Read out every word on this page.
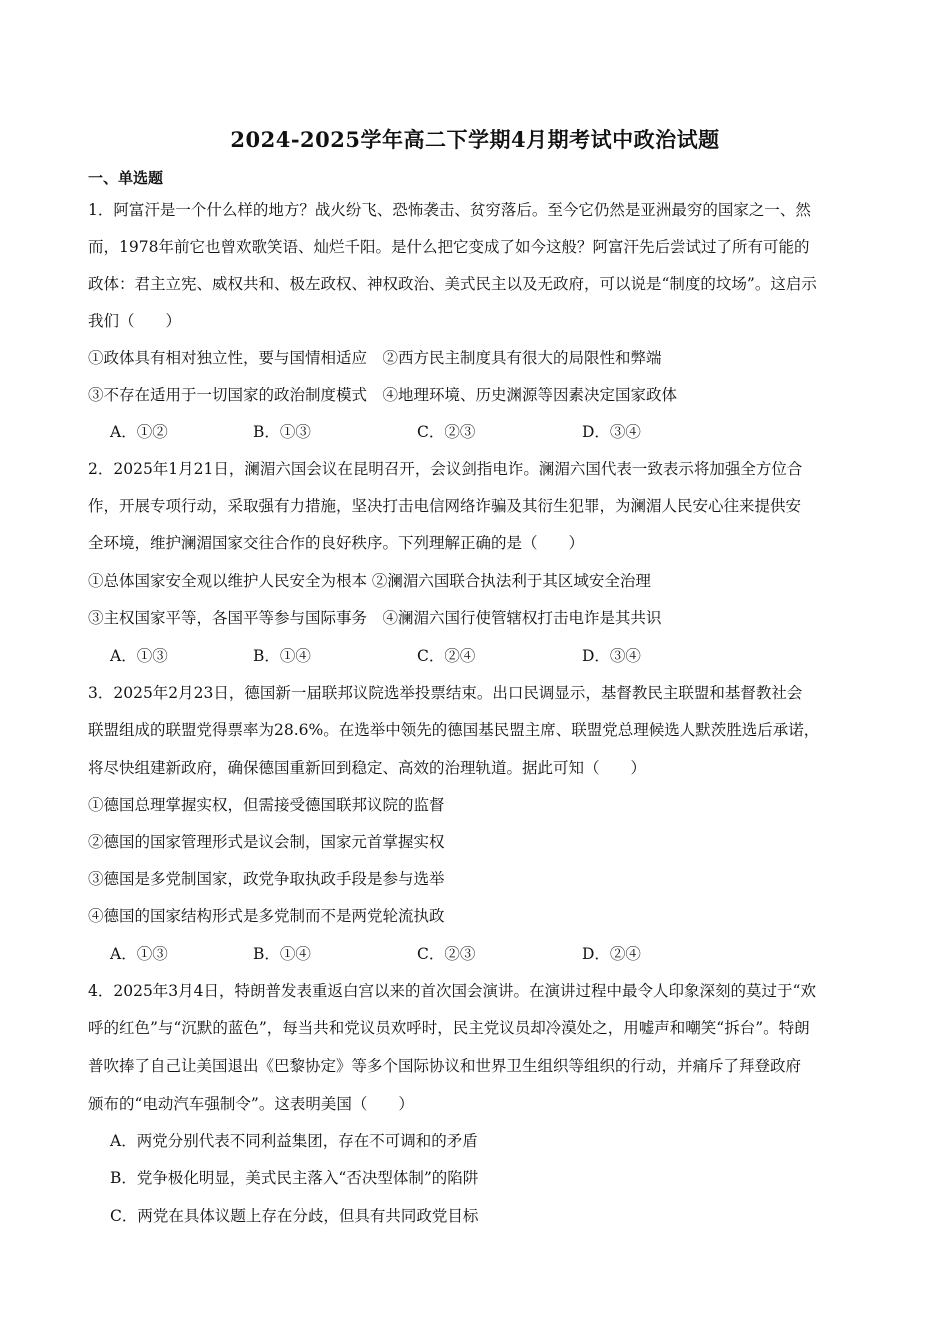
2024-2025学年高二下学期4月期考试中政治试题
一、单选题
1．阿富汗是一个什么样的地方？战火纷飞、恐怖袭击、贫穷落后。至今它仍然是亚洲最穷的国家之一、然
而，1978年前它也曾欢歌笑语、灿烂千阳。是什么把它变成了如今这般？阿富汗先后尝试过了所有可能的
政体：君主立宪、威权共和、极左政权、神权政治、美式民主以及无政府，可以说是“制度的坟场”。这启示
我们（　　）
①政体具有相对独立性，要与国情相适应　②西方民主制度具有很大的局限性和弊端
③不存在适用于一切国家的政治制度模式　④地理环境、历史渊源等因素决定国家政体
A．①②	B．①③	C．②③	D．③④
2．2025年1月21日，澜湄六国会议在昆明召开，会议剑指电诈。澜湄六国代表一致表示将加强全方位合
作，开展专项行动，采取强有力措施，坚决打击电信网络诈骗及其衍生犯罪，为澜湄人民安心往来提供安
全环境，维护澜湄国家交往合作的良好秩序。下列理解正确的是（　　）
①总体国家安全观以维护人民安全为根本 ②澜湄六国联合执法利于其区域安全治理
③主权国家平等，各国平等参与国际事务　④澜湄六国行使管辖权打击电诈是其共识
A．①③	B．①④	C．②④	D．③④
3．2025年2月23日，德国新一届联邦议院选举投票结束。出口民调显示，基督教民主联盟和基督教社会
联盟组成的联盟党得票率为28.6%。在选举中领先的德国基民盟主席、联盟党总理候选人默茨胜选后承诺，
将尽快组建新政府，确保德国重新回到稳定、高效的治理轨道。据此可知（　　）
①德国总理掌握实权，但需接受德国联邦议院的监督
②德国的国家管理形式是议会制，国家元首掌握实权
③德国是多党制国家，政党争取执政手段是参与选举
④德国的国家结构形式是多党制而不是两党轮流执政
A．①③	B．①④	C．②③	D．②④
4．2025年3月4日，特朗普发表重返白宫以来的首次国会演讲。在演讲过程中最令人印象深刻的莫过于“欢
呼的红色”与“沉默的蓝色”，每当共和党议员欢呼时，民主党议员却冷漠处之，用嘘声和嘲笑“拆台”。特朗
普吹捧了自己让美国退出《巴黎协定》等多个国际协议和世界卫生组织等组织的行动，并痛斥了拜登政府
颁布的“电动汽车强制令”。这表明美国（　　）
A．两党分别代表不同利益集团，存在不可调和的矛盾
B．党争极化明显，美式民主落入“否决型体制”的陷阱
C．两党在具体议题上存在分歧，但具有共同政党目标
